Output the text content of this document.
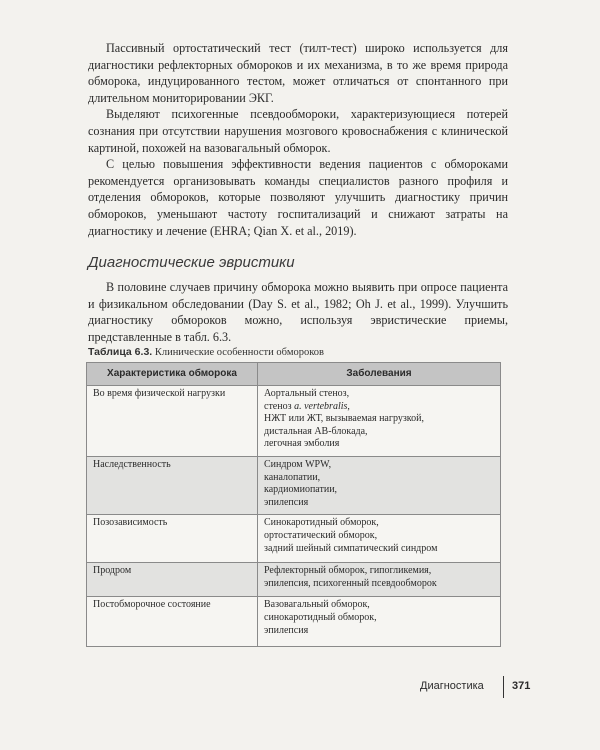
Пассивный ортостатический тест (тилт-тест) широко используется для диагностики рефлекторных обмороков и их механизма, в то же время природа обморока, индуцированного тестом, может отличаться от спонтанного при длительном мониторировании ЭКГ.

Выделяют психогенные псевдообмороки, характеризующиеся потерей сознания при отсутствии нарушения мозгового кровоснабжения с клинической картиной, похожей на вазовагальный обморок.

С целью повышения эффективности ведения пациентов с обмороками рекомендуется организовывать команды специалистов разного профиля и отделения обмороков, которые позволяют улучшить диагностику причин обмороков, уменьшают частоту госпитализаций и снижают затраты на диагностику и лечение (EHRA; Qian X. et al., 2019).

Диагностические эвристики

В половине случаев причину обморока можно выявить при опросе пациента и физикальном обследовании (Day S. et al., 1982; Oh J. et al., 1999). Улучшить диагностику обмороков можно, используя эвристические приемы, представленные в табл. 6.3.

Таблица 6.3. Клинические особенности обмороков
Характеристика обморока	Заболевания
Во время физической нагрузки	Аортальный стеноз,
стеноз a. vertebralis,
НЖТ или ЖТ, вызываемая нагрузкой,
дистальная АВ-блокада,
легочная эмболия

Наследственность	Синдром WPW,
каналопатии,
кардиомиопатии,
эпилепсия

Позозависимость	Синокаротидный обморок,
ортостатический обморок,
задний шейный симпатический синдром

Продром	Рефлекторный обморок, гипогликемия,
эпилепсия, психогенный псевдообморок

Постобморочное состояние	Вазовагальный обморок,
синокаротидный обморок,
эпилепсия
Диагностика	371
